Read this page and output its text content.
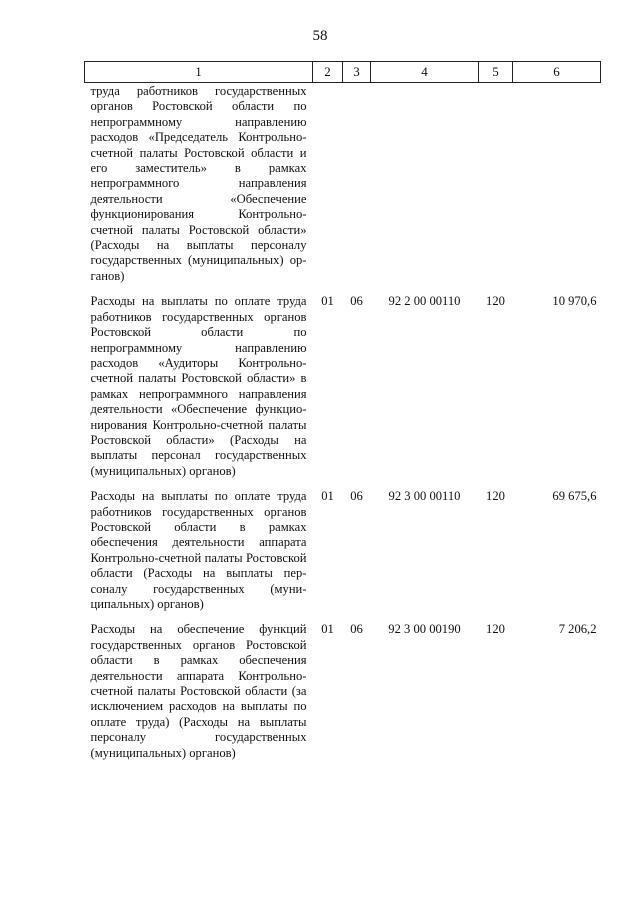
58
1	2	3	4	5	6
труда работников государственных органов Ростовской области по непрограммному направлению расходов «Председатель Контрольно-счетной палаты Ростовской области и его заместитель» в рамках непрограммного направления деятельности «Обеспечение функционирования Контрольно-счетной палаты Ростовской области» (Расходы на выплаты персоналу государственных (муниципальных) органов)					
Расходы на выплаты по оплате труда работников государственных органов Ростовской области по непрограммному направлению расходов «Аудиторы Контрольно-счетной палаты Ростовской области» в рамках непрограммного направления деятельности «Обеспечение функционирования Контрольно-счетной палаты Ростовской области» (Расходы на выплаты персонал государственных (муниципальных) органов)	01	06	92 2 00 00110	120	10 970,6
Расходы на выплаты по оплате труда работников государственных органов Ростовской области в рамках обеспечения деятельности аппарата Контрольно-счетной палаты Ростовской области (Расходы на выплаты персоналу государственных (муниципальных) органов)	01	06	92 3 00 00110	120	69 675,6
Расходы на обеспечение функций государственных органов Ростовской области в рамках обеспечения деятельности аппарата Контрольно-счетной палаты Ростовской области (за исключением расходов на выплаты по оплате труда) (Расходы на выплаты персоналу государственных (муниципальных) органов)	01	06	92 3 00 00190	120	7 206,2
